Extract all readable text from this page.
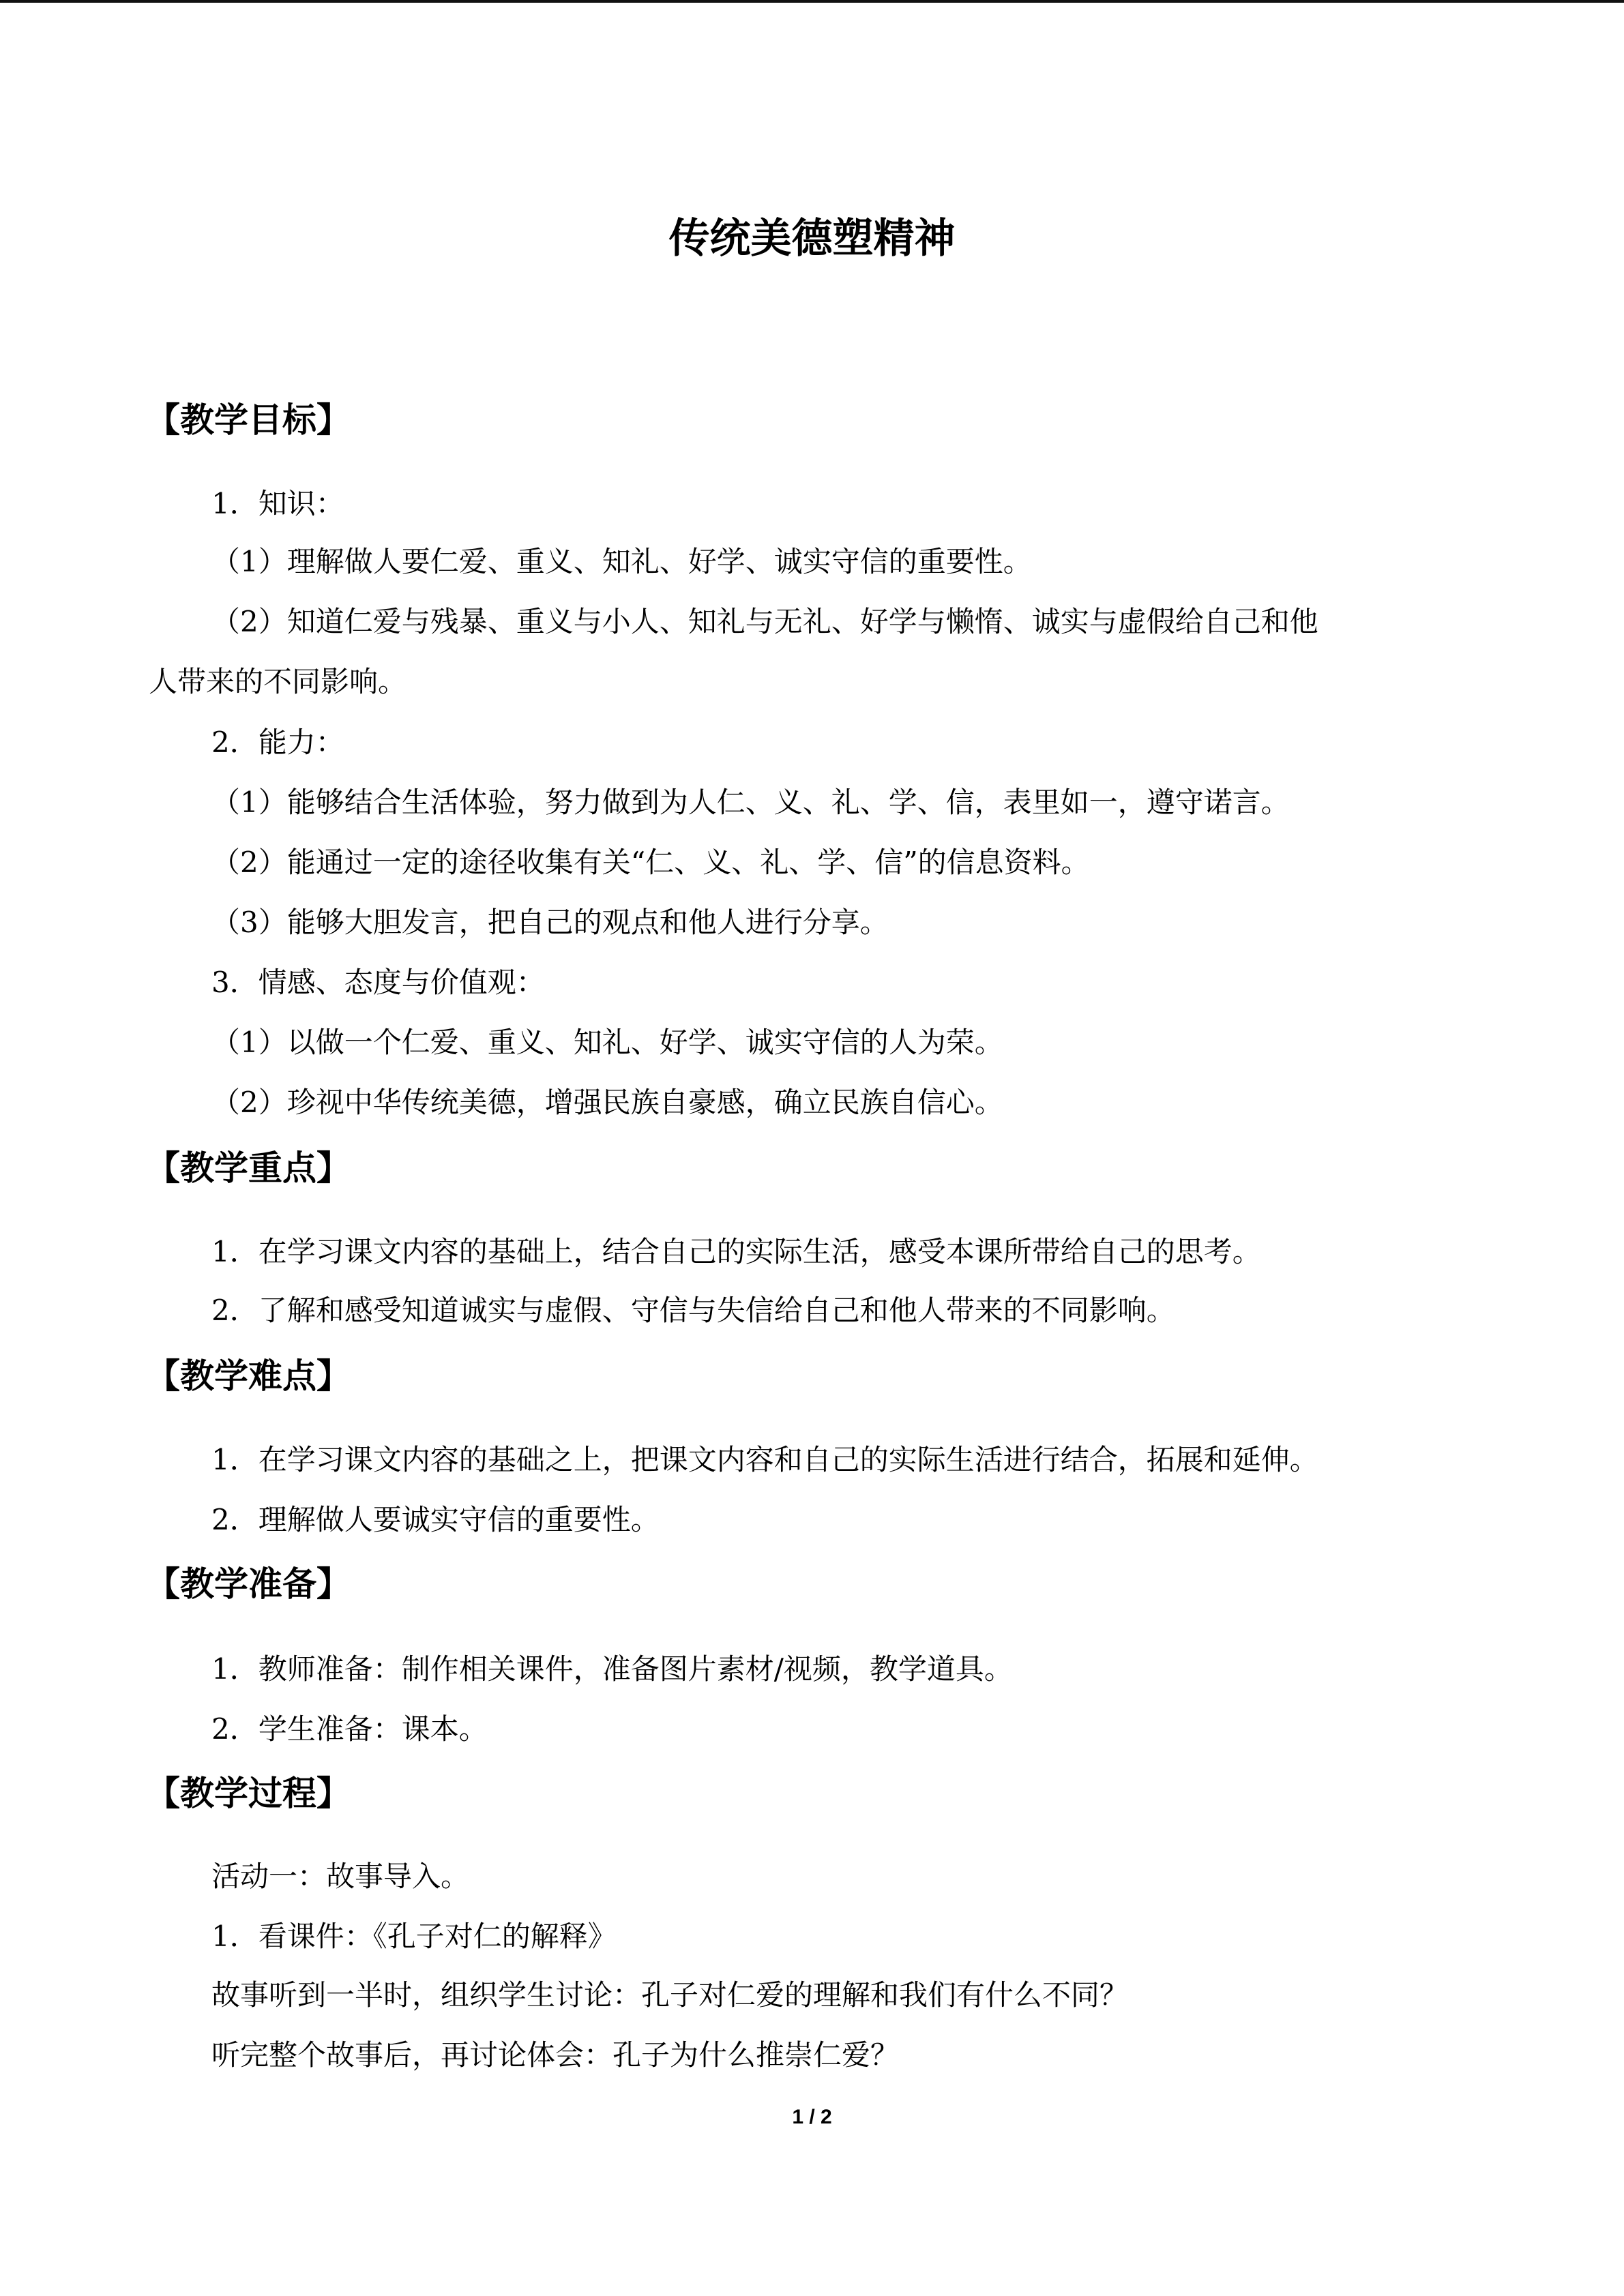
传统美德塑精神
【教学目标】
1．知识：
（1）理解做人要仁爱、重义、知礼、好学、诚实守信的重要性。
（2）知道仁爱与残暴、重义与小人、知礼与无礼、好学与懒惰、诚实与虚假给自己和他
人带来的不同影响。
2．能力：
（1）能够结合生活体验，努力做到为人仁、义、礼、学、信，表里如一，遵守诺言。
（2）能通过一定的途径收集有关“仁、义、礼、学、信”的信息资料。
（3）能够大胆发言，把自己的观点和他人进行分享。
3．情感、态度与价值观：
（1）以做一个仁爱、重义、知礼、好学、诚实守信的人为荣。
（2）珍视中华传统美德，增强民族自豪感，确立民族自信心。
【教学重点】
1．在学习课文内容的基础上，结合自己的实际生活，感受本课所带给自己的思考。
2．了解和感受知道诚实与虚假、守信与失信给自己和他人带来的不同影响。
【教学难点】
1．在学习课文内容的基础之上，把课文内容和自己的实际生活进行结合，拓展和延伸。
2．理解做人要诚实守信的重要性。
【教学准备】
1．教师准备：制作相关课件，准备图片素材/视频，教学道具。
2．学生准备：课本。
【教学过程】
活动一：故事导入。
1．看课件：《孔子对仁的解释》
故事听到一半时，组织学生讨论：孔子对仁爱的理解和我们有什么不同？
听完整个故事后，再讨论体会：孔子为什么推崇仁爱？
1 / 2
